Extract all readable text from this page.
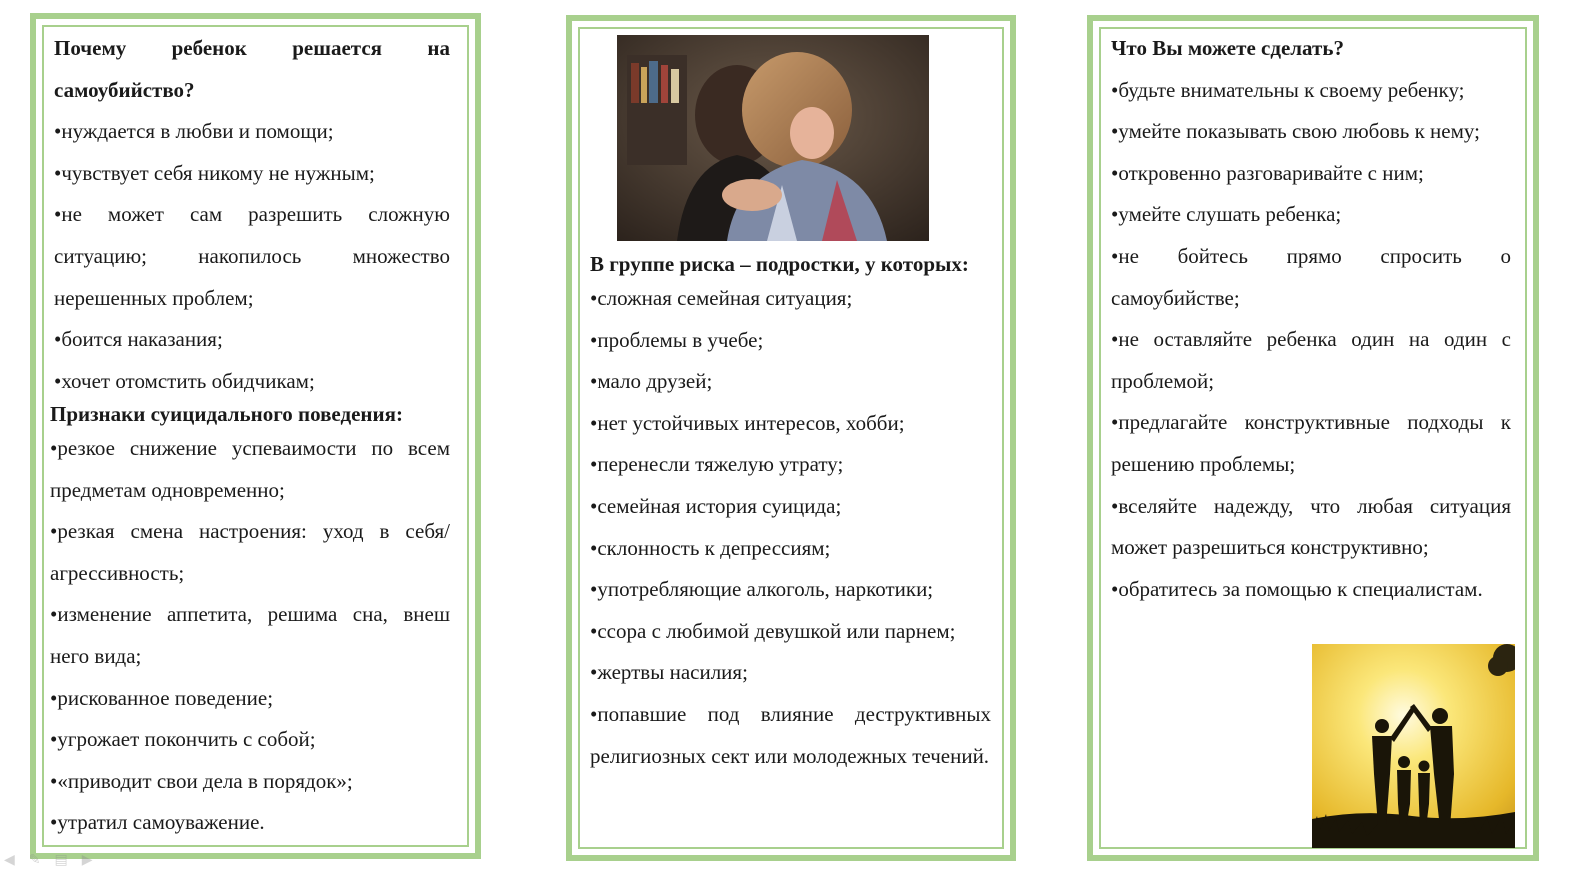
Почему ребенок решается на самоубийство?

•нуждается в любви и помощи;

•чувствует себя никому не нужным;

•не может сам разрешить сложную ситуацию; накопилось множество нерешенных проблем;

•боится наказания;

•хочет отомстить обидчикам;

Признаки суицидального поведения:

•резкое снижение успеваимости по всем предметам одновременно;

•резкая смена настроения: уход в себя/агрессивность;

•изменение аппетита, решима сна, внеш него вида;

•рискованное поведение;

•угрожает покончить с собой;

•«приводит свои дела в порядок»;

•утратил самоуважение.

В группе риска – подростки, у которых:

•сложная семейная ситуация;

•проблемы в учебе;

•мало друзей;

•нет устойчивых интересов, хобби;

•перенесли тяжелую утрату;

•семейная история суицида;

•склонность к депрессиям;

•употребляющие алкоголь, наркотики;

•ссора с любимой девушкой или парнем;

•жертвы насилия;

•попавшие под влияние деструктивных религиозных сект или молодежных течений.

Что Вы можете сделать?

•будьте внимательны к своему ребенку;

•умейте показывать свою любовь к нему;

•откровенно разговаривайте с ним;

•умейте слушать ребенка;

•не бойтесь прямо спросить о самоубийстве;

•не оставляйте ребенка один на один с проблемой;

•предлагайте конструктивные подходы к решению проблемы;

•вселяйте надежду, что любая ситуация может разрешиться конструктивно;

•обратитесь за помощью к специалистам.

◀ ✎ ▤ ▶
